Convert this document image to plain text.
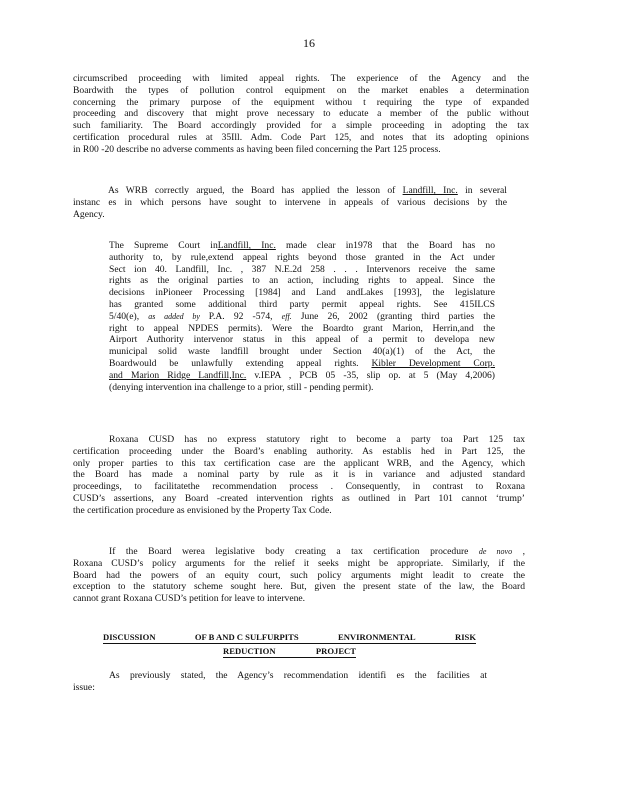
16
circumscribed proceeding with limited appeal rights. The experience of the Agency and the
Boardwith the types of pollution control equipment on the market enables a determination
concerning the primary purpose of the equipment withou t requiring the type of expanded
proceeding and discovery that might prove necessary to educate a member of the public without
such familiarity. The Board accordingly provided for a simple proceeding in adopting the tax
certification procedural rules at 35Ill. Adm. Code Part 125, and notes that its adopting opinions
in R00 -20 describe no adverse comments as having been filed concerning the Part 125 process.
As WRB correctly argued, the Board has applied the lesson of Landfill, Inc. in several
instanc es in which persons have sought to intervene in appeals of various decisions by the
Agency.
The Supreme Court inLandfill, Inc. made clear in1978 that the Board has no
authority to, by rule,extend appeal rights beyond those granted in the Act under
Sect ion 40. Landfill, Inc. , 387 N.E.2d 258 . . . Intervenors receive the same
rights as the original parties to an action, including rights to appeal. Since the
decisions inPioneer Processing [1984] and Land andLakes [1993], the legislature
has granted some additional third party permit appeal rights. See 415ILCS
5/40(e), as added by P.A. 92 -574, eff. June 26, 2002 (granting third parties the
right to appeal NPDES permits). Were the Boardto grant Marion, Herrin,and the
Airport Authority intervenor status in this appeal of a permit to developa new
municipal solid waste landfill brought under Section 40(a)(1) of the Act, the
Boardwould be unlawfully extending appeal rights. Kibler Development Corp.
and Marion Ridge Landfill,Inc. v.IEPA , PCB 05 -35, slip op. at 5 (May 4,2006)
(denying intervention ina challenge to a prior, still - pending permit).
Roxana CUSD has no express statutory right to become a party toa Part 125 tax
certification proceeding under the Board’s enabling authority. As establis hed in Part 125, the
only proper parties to this tax certification case are the applicant WRB, and the Agency, which
the Board has made a nominal party by rule as it is in variance and adjusted standard
proceedings, to facilitatethe recommendation process . Consequently, in contrast to Roxana
CUSD’s assertions, any Board -created intervention rights as outlined in Part 101 cannot ‘trump’
the certification procedure as envisioned by the Property Tax Code.
If the Board werea legislative body creating a tax certification procedure de novo ,
Roxana CUSD’s policy arguments for the relief it seeks might be appropriate. Similarly, if the
Board had the powers of an equity court, such policy arguments might leadit to create the
exception to the statutory scheme sought here. But, given the present state of the law, the Board
cannot grant Roxana CUSD’s petition for leave to intervene.
DISCUSSION	OF B AND C SULFURPITS	ENVIRONMENTAL	RISK
REDUCTION	PROJECT
As previously stated, the Agency’s recommendation identifi es the facilities at
issue:
